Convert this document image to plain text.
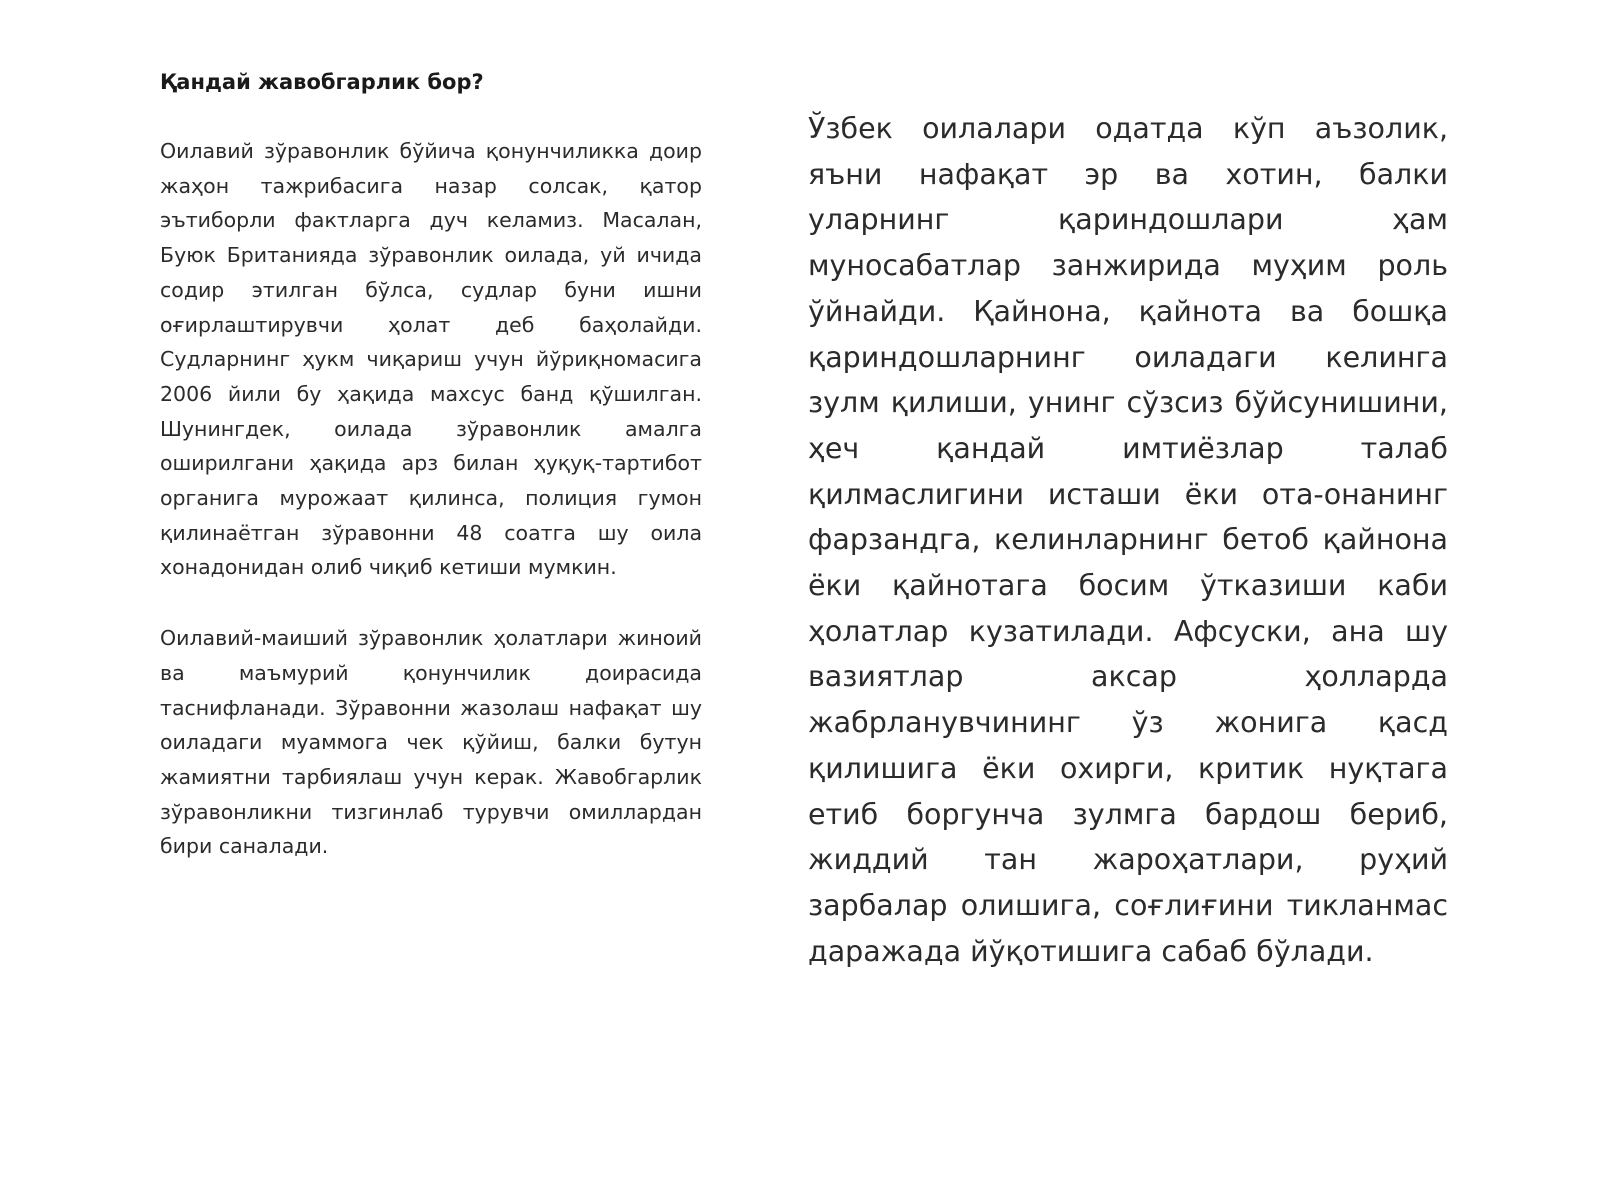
Қандай жавобгарлик бор?

Оилавий зўравонлик бўйича қонунчиликка доир жаҳон тажрибасига назар солсак, қатор эътиборли фактларга дуч келамиз. Масалан, Буюк Британияда зўравонлик оилада, уй ичида содир этилган бўлса, судлар буни ишни оғирлаштирувчи ҳолат деб баҳолайди. Судларнинг ҳукм чиқариш учун йўриқномасига 2006 йили бу ҳақида махсус банд қўшилган. Шунингдек, оилада зўравонлик амалга оширилгани ҳақида арз билан ҳуқуқ-тартибот органига мурожаат қилинса, полиция гумон қилинаётган зўравонни 48 соатга шу оила хонадонидан олиб чиқиб кетиши мумкин.

Оилавий-маиший зўравонлик ҳолатлари жиноий ва маъмурий қонунчилик доирасида таснифланади. Зўравонни жазолаш нафақат шу оиладаги муаммога чек қўйиш, балки бутун жамиятни тарбиялаш учун керак. Жавобгарлик зўравонликни тизгинлаб турувчи омиллардан бири саналади.

Ўзбек оилалари одатда кўп аъзолик, яъни нафақат эр ва хотин, балки уларнинг қариндошлари ҳам муносабатлар занжирида муҳим роль ўйнайди. Қайнона, қайнота ва бошқа қариндошларнинг оиладаги келинга зулм қилиши, унинг сўзсиз бўйсунишини, ҳеч қандай имтиёзлар талаб қилмаслигини исташи ёки ота-онанинг фарзандга, келинларнинг бетоб қайнона ёки қайнотага босим ўтказиши каби ҳолатлар кузатилади. Афсуски, ана шу вазиятлар аксар ҳолларда жабрланувчининг ўз жонига қасд қилишига ёки охирги, критик нуқтага етиб боргунча зулмга бардош бериб, жиддий тан жароҳатлари, руҳий зарбалар олишига, соғлиғини тикланмас даражада йўқотишига сабаб бўлади.
